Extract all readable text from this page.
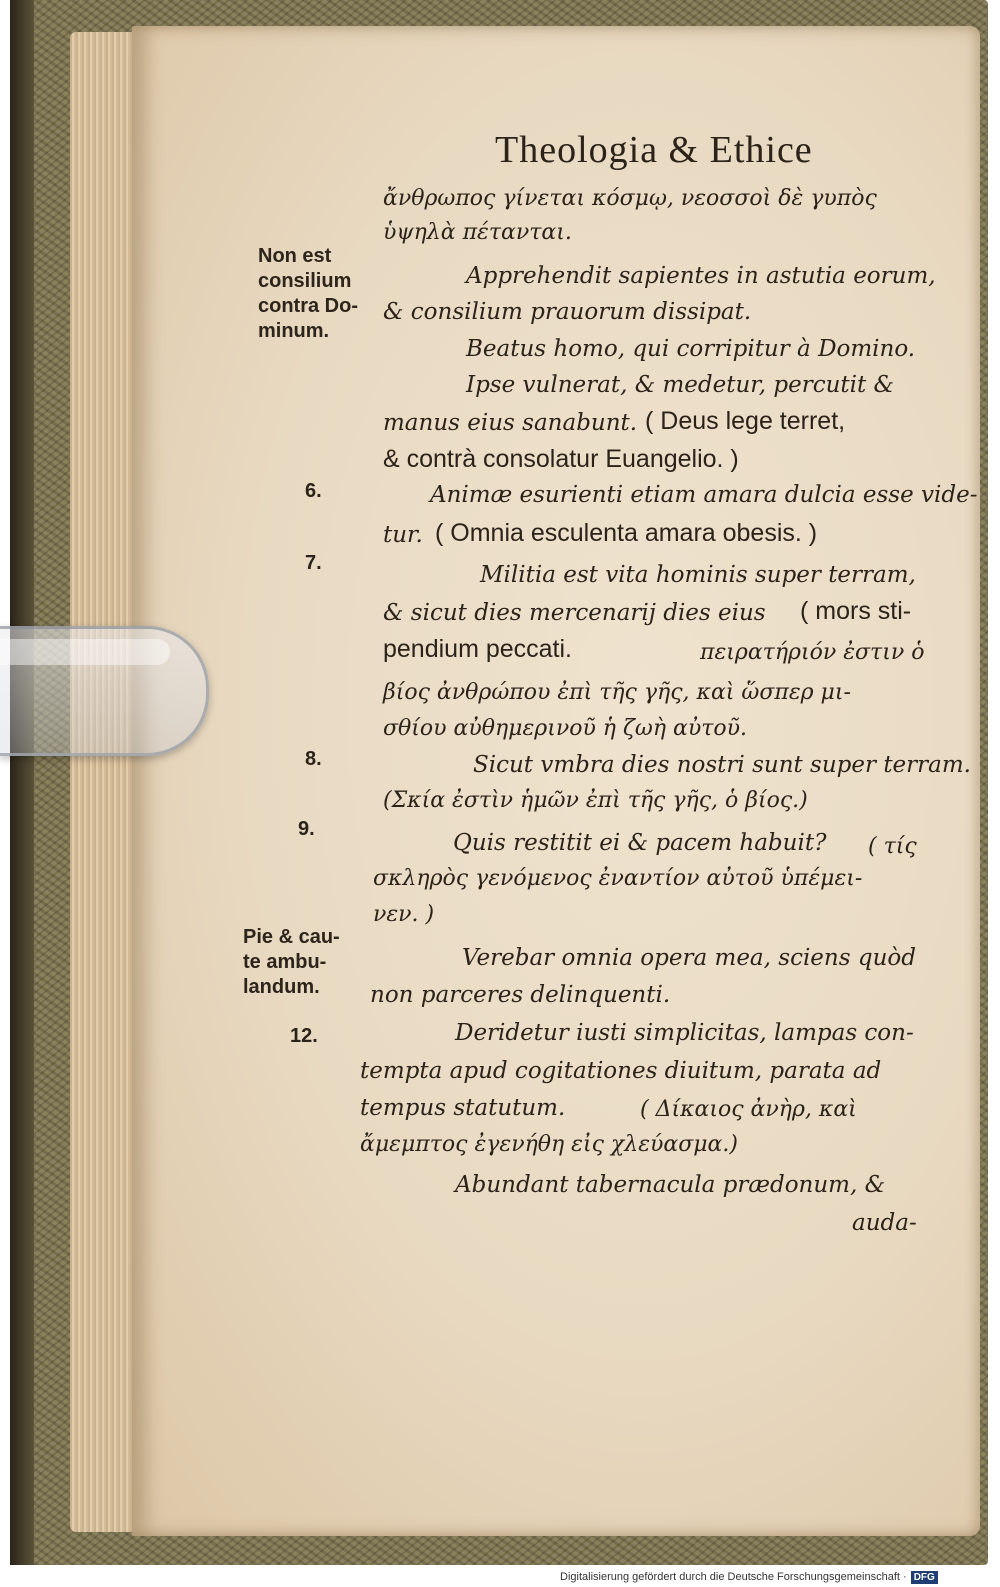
Theologia & Ethice
Non est
consilium
contra Do-
minum.
Pie & cau-
te ambu-
landum.
6.
7.
8.
9.
12.
ἄνθρωπος γίνεται κόσμῳ, νεοσσοὶ δὲ γυπὸς
ὑψηλὰ πέτανται.
Apprehendit sapientes in astutia eorum,
& consilium prauorum dissipat.
Beatus homo, qui corripitur à Domino.
Ipse vulnerat, & medetur, percutit &
manus eius sanabunt. ( Deus lege terret,
& contrà consolatur Euangelio. )
Animæ esurienti etiam amara dulcia esse vide-
tur. ( Omnia esculenta amara obesis. )
Militia est vita hominis super terram,
& sicut dies mercenarij dies eius ( mors sti-
pendium peccati.	πειρατήριόν ἐστιν ὁ
βίος ἀνθρώπου ἐπὶ τῆς γῆς, καὶ ὥσπερ μι-
σθίου αὐθημερινοῦ ἡ ζωὴ αὐτοῦ.
Sicut vmbra dies nostri sunt super terram.
(Σκία ἐστὶν ἡμῶν ἐπὶ τῆς γῆς, ὁ βίος.)
Quis restitit ei & pacem habuit? ( τίς
σκληρὸς γενόμενος ἐναντίον αὐτοῦ ὑπέμει-
νεν. )
Verebar omnia opera mea, sciens quòd
non parceres delinquenti.
Deridetur iusti simplicitas, lampas con-
tempta apud cogitationes diuitum, parata ad
tempus statutum.	( Δίκαιος ἀνὴρ, καὶ
ἄμεμπτος ἐγενήθη εἰς χλεύασμα.)
Abundant tabernacula prædonum, &
auda-
Digitalisierung gefördert durch die Deutsche Forschungsgemeinschaft · DFG
